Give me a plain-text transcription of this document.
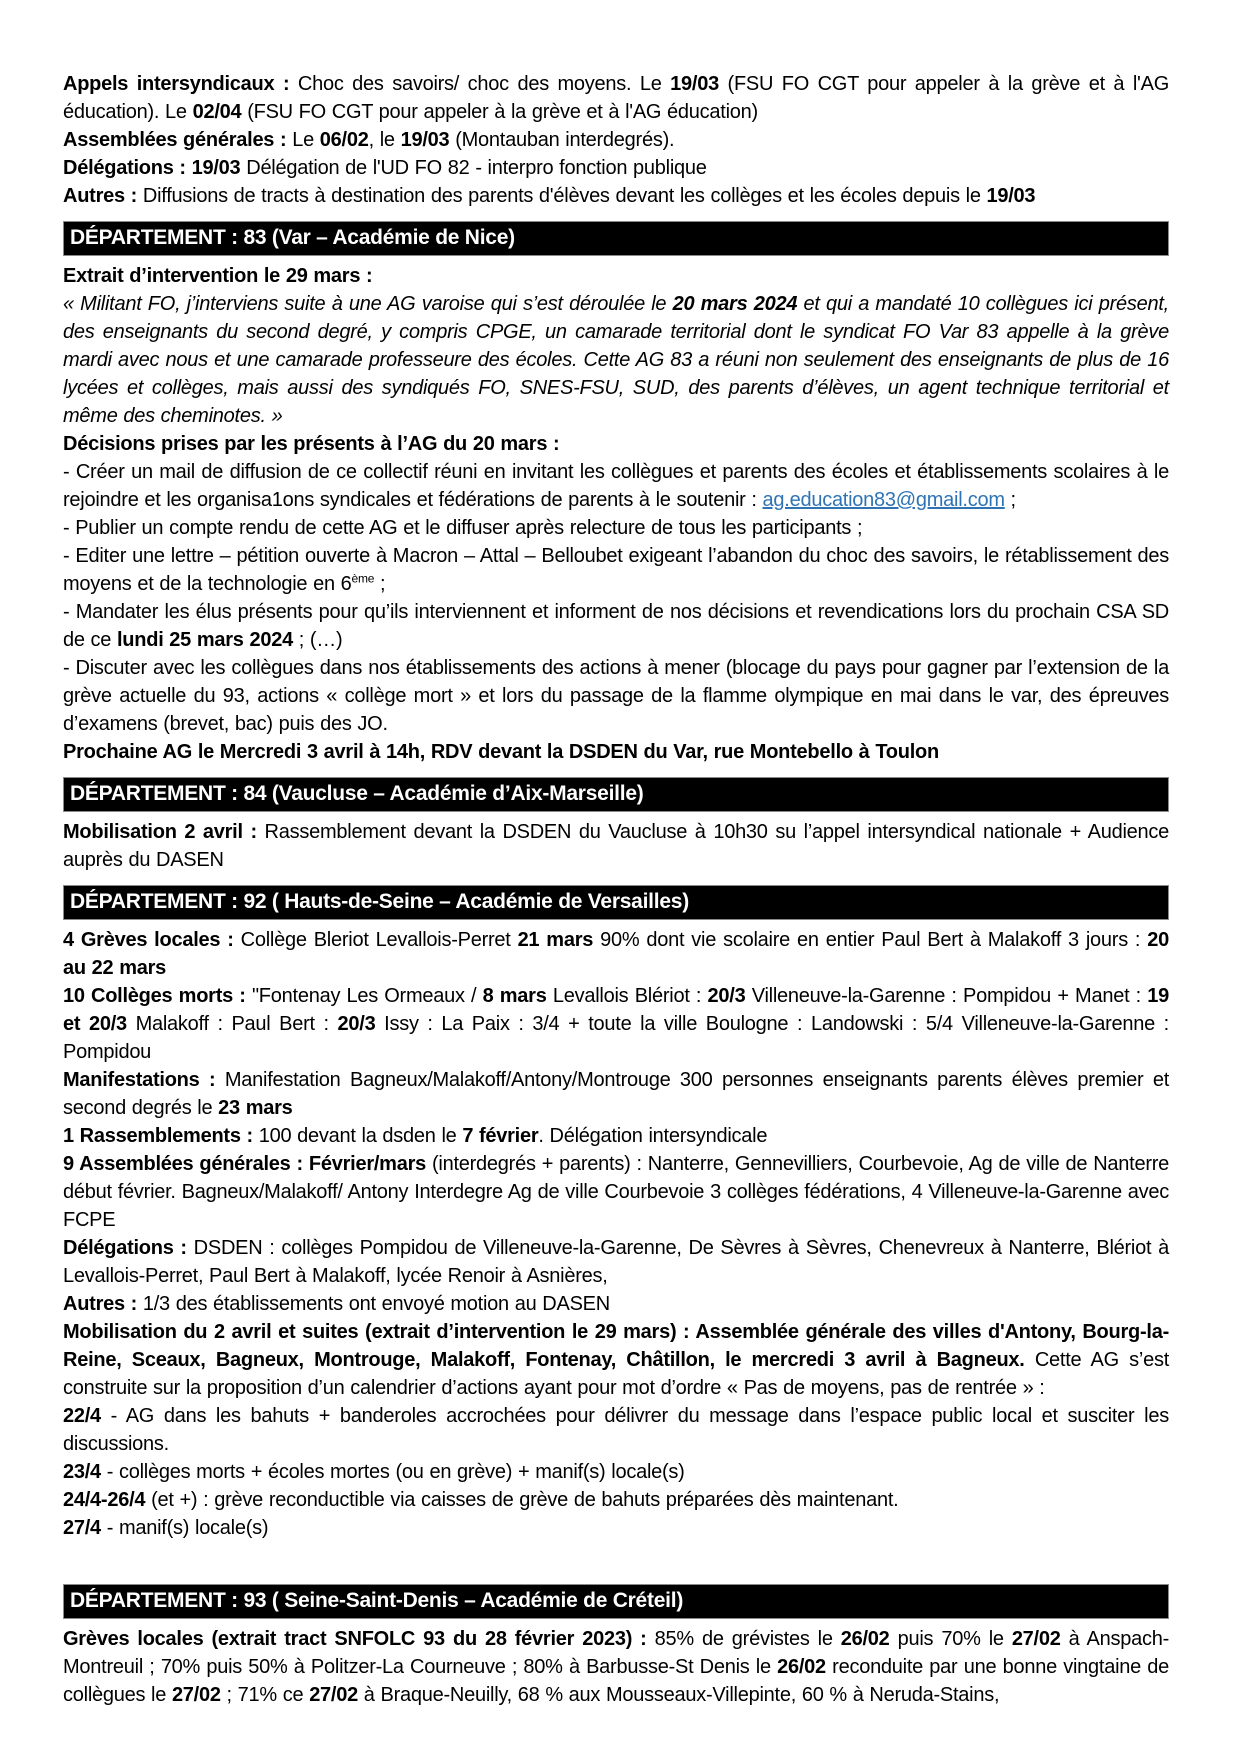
Appels intersyndicaux : Choc des savoirs/ choc des moyens. Le 19/03 (FSU FO CGT pour appeler à la grève et à l'AG éducation). Le 02/04 (FSU FO CGT pour appeler à la grève et à l'AG éducation)

Assemblées générales : Le 06/02, le 19/03 (Montauban interdegrés).

Délégations : 19/03 Délégation de l'UD FO 82 - interpro fonction publique

Autres : Diffusions de tracts à destination des parents d'élèves devant les collèges et les écoles depuis le 19/03

DÉPARTEMENT : 83 (Var – Académie de Nice)

Extrait d’intervention le 29 mars :

« Militant FO, j’interviens suite à une AG varoise qui s’est déroulée le 20 mars 2024 et qui a mandaté 10 collègues ici présent, des enseignants du second degré, y compris CPGE, un camarade territorial dont le syndicat FO Var 83 appelle à la grève mardi avec nous et une camarade professeure des écoles. Cette AG 83 a réuni non seulement des enseignants de plus de 16 lycées et collèges, mais aussi des syndiqués FO, SNES-FSU, SUD, des parents d’élèves, un agent technique territorial et même des cheminotes. »

Décisions prises par les présents à l’AG du 20 mars :

- Créer un mail de diffusion de ce collectif réuni en invitant les collègues et parents des écoles et établissements scolaires à le rejoindre et les organisa1ons syndicales et fédérations de parents à le soutenir : ag.education83@gmail.com ;

- Publier un compte rendu de cette AG et le diffuser après relecture de tous les participants ;

- Editer une lettre – pétition ouverte à Macron – Attal – Belloubet exigeant l’abandon du choc des savoirs, le rétablissement des moyens et de la technologie en 6ème ;

- Mandater les élus présents pour qu’ils interviennent et informent de nos décisions et revendications lors du prochain CSA SD de ce lundi 25 mars 2024 ; (…)

- Discuter avec les collègues dans nos établissements des actions à mener (blocage du pays pour gagner par l’extension de la grève actuelle du 93, actions « collège mort » et lors du passage de la flamme olympique en mai dans le var, des épreuves d’examens (brevet, bac) puis des JO.

Prochaine AG le Mercredi 3 avril à 14h, RDV devant la DSDEN du Var, rue Montebello à Toulon

DÉPARTEMENT : 84 (Vaucluse – Académie d’Aix-Marseille)

Mobilisation 2 avril : Rassemblement devant la DSDEN du Vaucluse à 10h30 su l’appel intersyndical nationale + Audience auprès du DASEN

DÉPARTEMENT : 92 ( Hauts-de-Seine – Académie de Versailles)

4 Grèves locales : Collège Bleriot Levallois-Perret 21 mars 90% dont vie scolaire en entier Paul Bert à Malakoff 3 jours : 20 au 22 mars

10 Collèges morts : "Fontenay Les Ormeaux / 8 mars Levallois Blériot : 20/3 Villeneuve-la-Garenne : Pompidou + Manet : 19 et 20/3 Malakoff : Paul Bert : 20/3 Issy : La Paix : 3/4 + toute la ville Boulogne : Landowski : 5/4 Villeneuve-la-Garenne : Pompidou

Manifestations : Manifestation Bagneux/Malakoff/Antony/Montrouge 300 personnes enseignants parents élèves premier et second degrés le 23 mars

1 Rassemblements : 100 devant la dsden le 7 février. Délégation intersyndicale

9 Assemblées générales : Février/mars (interdegrés + parents) : Nanterre, Gennevilliers, Courbevoie, Ag de ville de Nanterre début février. Bagneux/Malakoff/ Antony Interdegre Ag de ville Courbevoie 3 collèges fédérations, 4 Villeneuve-la-Garenne avec FCPE

Délégations : DSDEN : collèges Pompidou de Villeneuve-la-Garenne, De Sèvres à Sèvres, Chenevreux à Nanterre, Blériot à Levallois-Perret, Paul Bert à Malakoff, lycée Renoir à Asnières,

Autres : 1/3 des établissements ont envoyé motion au DASEN

Mobilisation du 2 avril et suites (extrait d’intervention le 29 mars) : Assemblée générale des villes d'Antony, Bourg-la-Reine, Sceaux, Bagneux, Montrouge, Malakoff, Fontenay, Châtillon, le mercredi 3 avril à Bagneux. Cette AG s’est construite sur la proposition d’un calendrier d’actions ayant pour mot d’ordre « Pas de moyens, pas de rentrée » :

22/4 - AG dans les bahuts + banderoles accrochées pour délivrer du message dans l’espace public local et susciter les discussions.

23/4 - collèges morts + écoles mortes (ou en grève) + manif(s) locale(s)

24/4-26/4 (et +) : grève reconductible via caisses de grève de bahuts préparées dès maintenant.

27/4 - manif(s) locale(s)

DÉPARTEMENT : 93 ( Seine-Saint-Denis – Académie de Créteil)

Grèves locales (extrait tract SNFOLC 93 du 28 février 2023) : 85% de grévistes le 26/02 puis 70% le 27/02 à Anspach-Montreuil ; 70% puis 50% à Politzer-La Courneuve ; 80% à Barbusse-St Denis le 26/02 reconduite par une bonne vingtaine de collègues le 27/02 ; 71% ce 27/02 à Braque-Neuilly, 68 % aux Mousseaux-Villepinte, 60 % à Neruda-Stains,
